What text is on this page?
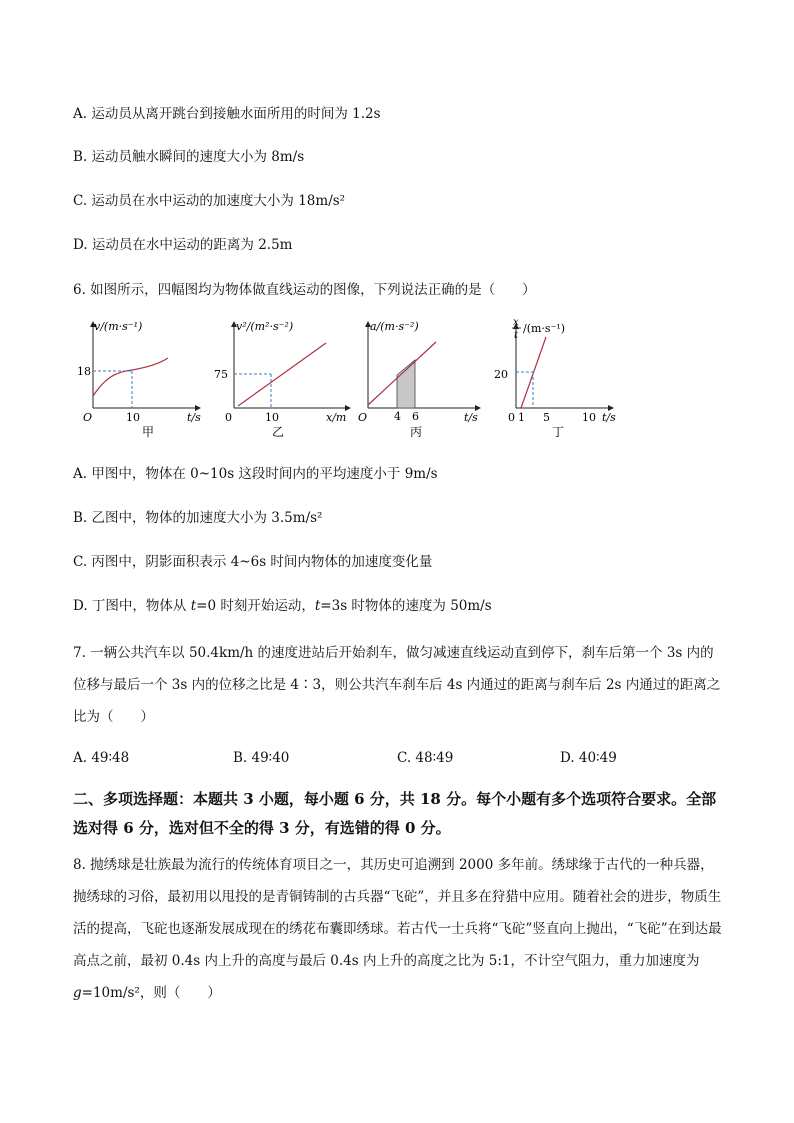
A. 运动员从离开跳台到接触水面所用的时间为 1.2s
B. 运动员触水瞬间的速度大小为 8m/s
C. 运动员在水中运动的加速度大小为 18m/s²
D. 运动员在水中运动的距离为 2.5m
6. 如图所示，四幅图均为物体做直线运动的图像，下列说法正确的是（　　）
v/(m·s⁻¹)
18
O	10	t/s
甲
v²/(m²·s⁻²)
75
0	10	x/m
乙
a/(m·s⁻²)
O 4 6	t/s
丙
x
t
/(m·s⁻¹)
20
0 1 5	10 t/s
丁
A. 甲图中，物体在 0~10s 这段时间内的平均速度小于 9m/s
B. 乙图中，物体的加速度大小为 3.5m/s²
C. 丙图中，阴影面积表示 4~6s 时间内物体的加速度变化量
D. 丁图中，物体从 t=0 时刻开始运动，t=3s 时物体的速度为 50m/s
7. 一辆公共汽车以 50.4km/h 的速度进站后开始刹车，做匀减速直线运动直到停下，刹车后第一个 3s 内的位移与最后一个 3s 内的位移之比是 4∶3，则公共汽车刹车后 4s 内通过的距离与刹车后 2s 内通过的距离之比为（　　）
A. 49∶48	B. 49∶40	C. 48∶49	D. 40∶49
二、多项选择题：本题共 3 小题，每小题 6 分，共 18 分。每个小题有多个选项符合要求。全部选对得 6 分，选对但不全的得 3 分，有选错的得 0 分。
8. 抛绣球是壮族最为流行的传统体育项目之一，其历史可追溯到 2000 多年前。绣球缘于古代的一种兵器，抛绣球的习俗，最初用以甩投的是青铜铸制的古兵器“飞砣”，并且多在狩猎中应用。随着社会的进步，物质生活的提高，飞砣也逐渐发展成现在的绣花布囊即绣球。若古代一士兵将“飞砣”竖直向上抛出，“飞砣”在到达最高点之前，最初 0.4s 内上升的高度与最后 0.4s 内上升的高度之比为 5:1，不计空气阻力，重力加速度为 g=10m/s²，则（　　）
